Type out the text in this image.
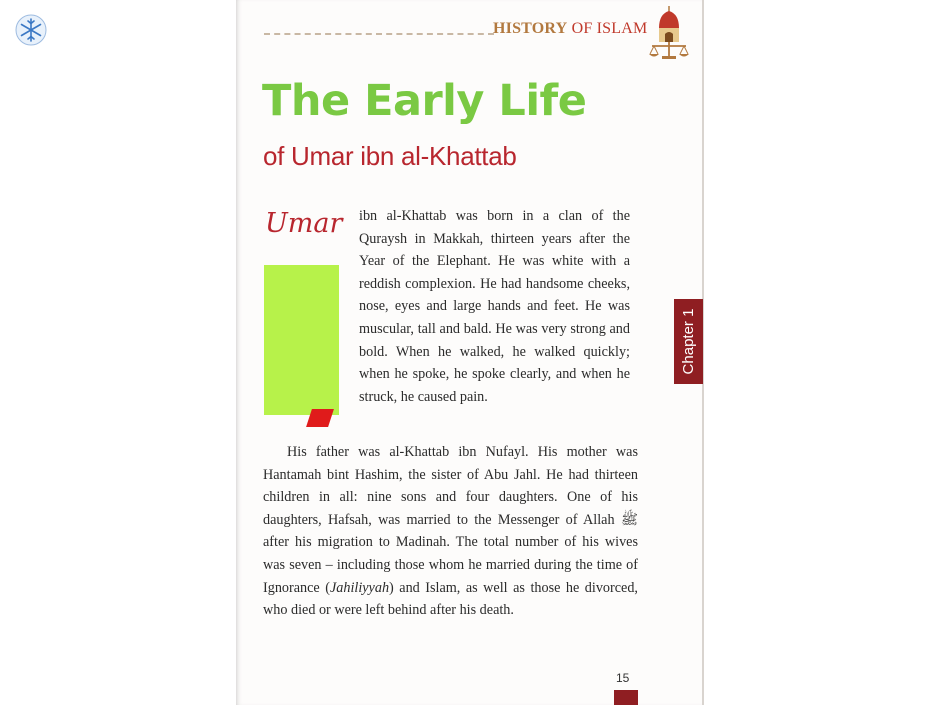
HISTORY OF ISLAM
The Early Life
of Umar ibn al-Khattab
Umar ibn al-Khattab was born in a clan of the Quraysh in Makkah, thirteen years after the Year of the Elephant. He was white with a reddish complexion. He had handsome cheeks, nose, eyes and large hands and feet. He was muscular, tall and bald. He was very strong and bold. When he walked, he walked quickly; when he spoke, he spoke clearly, and when he struck, he caused pain.
His father was al-Khattab ibn Nufayl. His mother was Hantamah bint Hashim, the sister of Abu Jahl. He had thirteen children in all: nine sons and four daughters. One of his daughters, Hafsah, was married to the Messenger of Allah ﷺ after his migration to Madinah. The total number of his wives was seven – including those whom he married during the time of Ignorance (Jahiliyyah) and Islam, as well as those he divorced, who died or were left behind after his death.
Chapter 1
15
